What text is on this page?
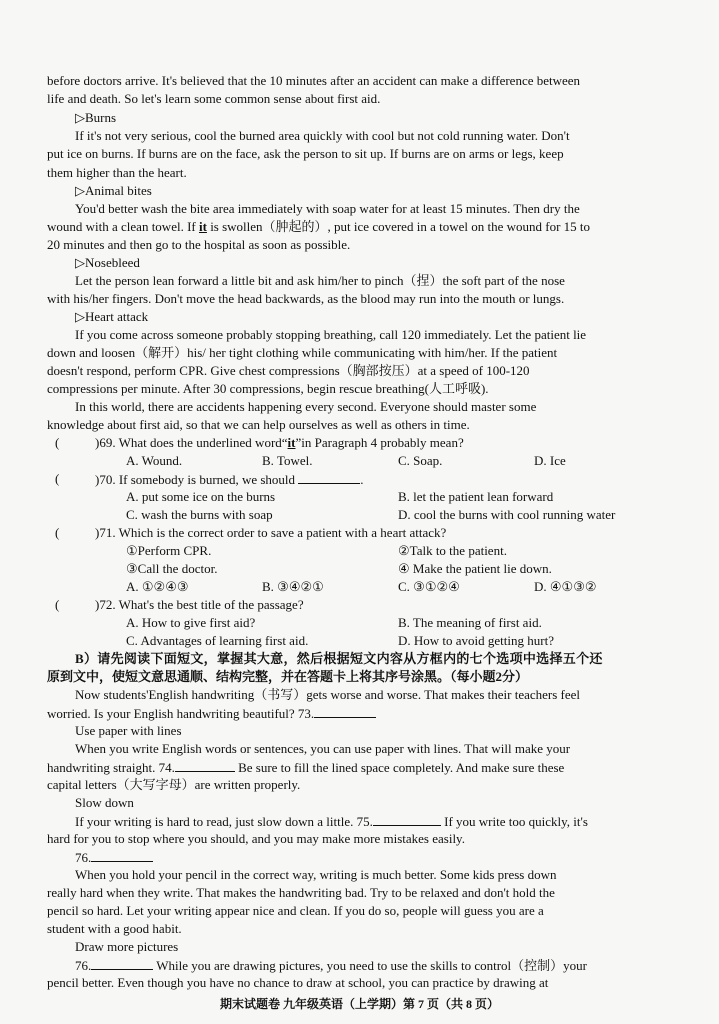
before doctors arrive. It's believed that the 10 minutes after an accident can make a difference between
life and death. So let's learn some common sense about first aid.
▷Burns
If it's not very serious, cool the burned area quickly with cool but not cold running water. Don't
put ice on burns. If burns are on the face, ask the person to sit up. If burns are on arms or legs, keep
them higher than the heart.
▷Animal bites
You'd better wash the bite area immediately with soap water for at least 15 minutes. Then dry the
wound with a clean towel. If it is swollen（肿起的）, put ice covered in a towel on the wound for 15 to
20 minutes and then go to the hospital as soon as possible.
▷Nosebleed
Let the person lean forward a little bit and ask him/her to pinch（捏）the soft part of the nose
with his/her fingers. Don't move the head backwards, as the blood may run into the mouth or lungs.
▷Heart attack
If you come across someone probably stopping breathing, call 120 immediately. Let the patient lie
down and loosen（解开）his/ her tight clothing while communicating with him/her. If the patient
doesn't respond, perform CPR. Give chest compressions（胸部按压）at a speed of 100-120
compressions per minute. After 30 compressions, begin rescue breathing(人工呼吸).
In this world, there are accidents happening every second. Everyone should master some
knowledge about first aid, so that we can help ourselves as well as others in time.
(	)69. What does the underlined word“it”in Paragraph 4 probably mean?
A. Wound.	B. Towel.	C. Soap.	D. Ice
(	)70. If somebody is burned, we should	.
A. put some ice on the burns	B. let the patient lean forward
C. wash the burns with soap	D. cool the burns with cool running water
(	)71. Which is the correct order to save a patient with a heart attack?
①Perform CPR.	②Talk to the patient.
③Call the doctor.	④ Make the patient lie down.
A. ①②④③	B. ③④②①	C. ③①②④	D. ④①③②
(	)72. What's the best title of the passage?
A. How to give first aid?	B. The meaning of first aid.
C. Advantages of learning first aid.	D. How to avoid getting hurt?
B）请先阅读下面短文，掌握其大意，然后根据短文内容从方框内的七个选项中选择五个还
原到文中，使短文意思通顺、结构完整，并在答题卡上将其序号涂黑。（每小题2分）
Now students'English handwriting（书写）gets worse and worse. That makes their teachers feel
worried. Is your English handwriting beautiful? 73.
Use paper with lines
When you write English words or sentences, you can use paper with lines. That will make your
handwriting straight. 74.	Be sure to fill the lined space completely. And make sure these
capital letters（大写字母）are written properly.
Slow down
If your writing is hard to read, just slow down a little. 75.	If you write too quickly, it's
hard for you to stop where you should, and you may make more mistakes easily.
76.
When you hold your pencil in the correct way, writing is much better. Some kids press down
really hard when they write. That makes the handwriting bad. Try to be relaxed and don't hold the
pencil so hard. Let your writing appear nice and clean. If you do so, people will guess you are a
student with a good habit.
Draw more pictures
76.	While you are drawing pictures, you need to use the skills to control（控制）your
pencil better. Even though you have no chance to draw at school, you can practice by drawing at
期末试题卷 九年级英语（上学期）第 7 页（共 8 页）
